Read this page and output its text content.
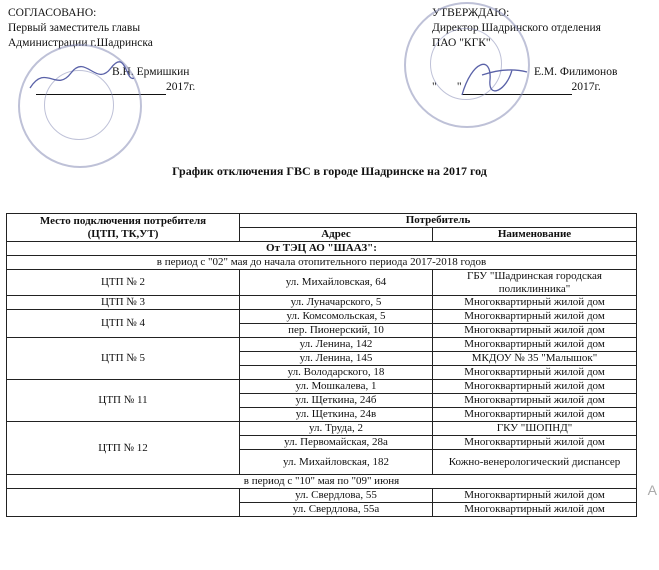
СОГЛАСОВАНО:
Первый заместитель главы
Администрации г.Шадринска
В.Н. Ермишкин
2017г.
УТВЕРЖДАЮ:
Директор Шадринского отделения
ПАО "КГК"
Е.М. Филимонов
"       "	2017г.
График отключения ГВС в городе Шадринске на 2017 год
Место подключения потребителя
(ЦТП, ТК,УТ)	Потребитель	
	Адрес	Наименование
От ТЭЦ АО "ШААЗ":		
в период с "02" мая до начала отопительного периода 2017-2018 годов		
ЦТП № 2	ул. Михайловская, 64	ГБУ "Шадринская городская поликлинника"
ЦТП № 3	ул. Луначарского, 5	Многоквартирный жилой дом
ЦТП № 4	ул. Комсомольская, 5	Многоквартирный жилой дом
	пер. Пионерский, 10	Многоквартирный жилой дом
ЦТП № 5	ул. Ленина, 142	Многоквартирный жилой дом
	ул. Ленина, 145	МКДОУ № 35 "Малышок"
	ул. Володарского, 18	Многоквартирный жилой дом
ЦТП № 11	ул. Мошкалева, 1	Многоквартирный жилой дом
	ул. Щеткина, 24б	Многоквартирный жилой дом
	ул. Щеткина, 24в	Многоквартирный жилой дом
ЦТП № 12	ул. Труда, 2	ГКУ "ШОПНД"
	ул. Первомайская, 28а	Многоквартирный жилой дом
	ул. Михайловская, 182	Кожно-венерологический диспансер
в период с "10" мая по "09" июня		
	ул. Свердлова, 55	Многоквартирный жилой дом
	ул. Свердлова, 55а	Многоквартирный жилой дом
А
